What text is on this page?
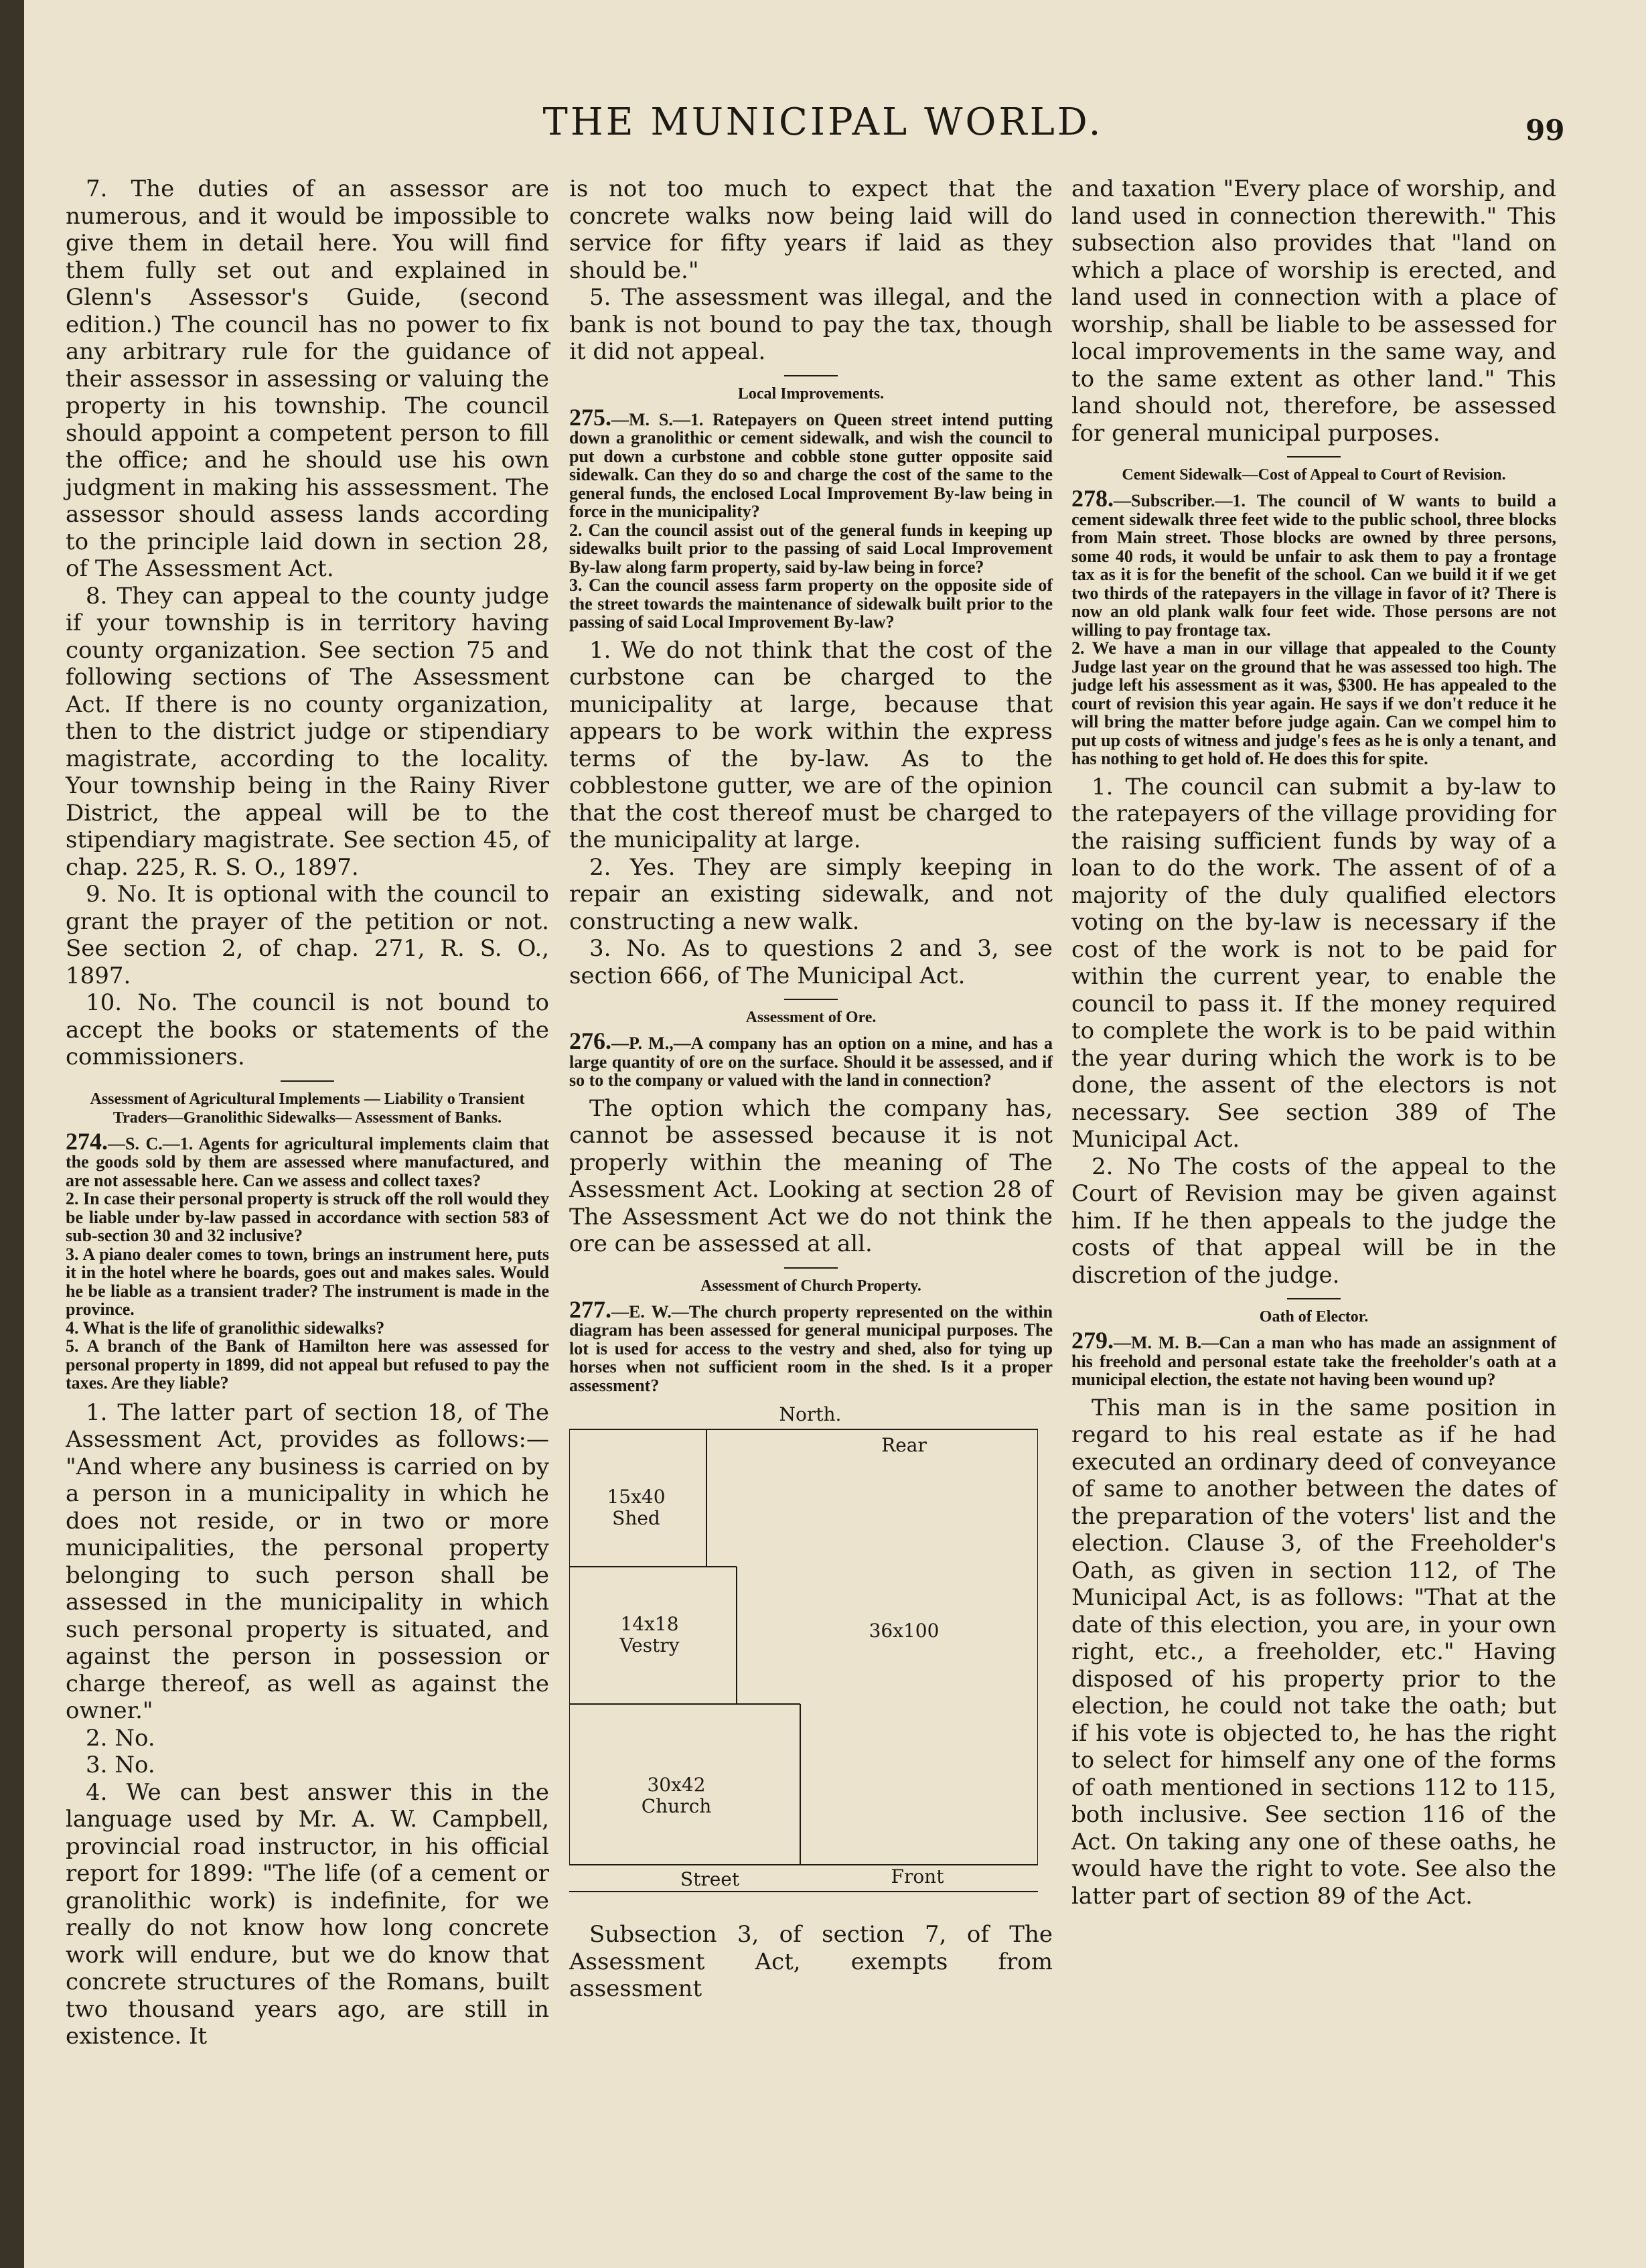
THE MUNICIPAL WORLD.	99

7. The duties of an assessor are numerous, and it would be impossible to give them in detail here. You will find them fully set out and explained in Glenn's Assessor's Guide, (second edition.) The council has no power to fix any arbitrary rule for the guidance of their assessor in assessing or valuing the property in his township. The council should appoint a competent person to fill the office; and he should use his own judgment in making his asssessment. The assessor should assess lands according to the principle laid down in section 28, of The Assessment Act.

8. They can appeal to the county judge if your township is in territory having county organization. See section 75 and following sections of The Assessment Act. If there is no county organization, then to the district judge or stipendiary magistrate, according to the locality. Your township being in the Rainy River District, the appeal will be to the stipendiary magistrate. See section 45, of chap. 225, R. S. O., 1897.

9. No. It is optional with the council to grant the prayer of the petition or not. See section 2, of chap. 271, R. S. O., 1897.

10. No. The council is not bound to accept the books or statements of the commissioners.

Assessment of Agricultural Implements — Liability o Transient Traders—Granolithic Sidewalks— Assessment of Banks.

274.—S. C.—1. Agents for agricultural implements claim that the goods sold by them are assessed where manufactured, and are not assessable here. Can we assess and collect taxes?

2. In case their personal property is struck off the roll would they be liable under by-law passed in accordance with section 583 of sub-section 30 and 32 inclusive?

3. A piano dealer comes to town, brings an instrument here, puts it in the hotel where he boards, goes out and makes sales. Would he be liable as a transient trader? The instrument is made in the province.

4. What is the life of granolithic sidewalks?

5. A branch of the Bank of Hamilton here was assessed for personal property in 1899, did not appeal but refused to pay the taxes. Are they liable?

1. The latter part of section 18, of The Assessment Act, provides as follows:— "And where any business is carried on by a person in a municipality in which he does not reside, or in two or more municipalities, the personal property belonging to such person shall be assessed in the municipality in which such personal property is situated, and against the person in possession or charge thereof, as well as against the owner."

2. No.

3. No.

4. We can best answer this in the language used by Mr. A. W. Campbell, provincial road instructor, in his official report for 1899: "The life (of a cement or granolithic work) is indefinite, for we really do not know how long concrete work will endure, but we do know that concrete structures of the Romans, built two thousand years ago, are still in existence. It

is not too much to expect that the concrete walks now being laid will do service for fifty years if laid as they should be."

5. The assessment was illegal, and the bank is not bound to pay the tax, though it did not appeal.

Local Improvements.

275.—M. S.—1. Ratepayers on Queen street intend putting down a granolithic or cement sidewalk, and wish the council to put down a curbstone and cobble stone gutter opposite said sidewalk. Can they do so and charge the cost of the same to the general funds, the enclosed Local Improvement By-law being in force in the municipality?

2. Can the council assist out of the general funds in keeping up sidewalks built prior to the passing of said Local Improvement By-law along farm property, said by-law being in force?

3. Can the council assess farm property on the opposite side of the street towards the maintenance of sidewalk built prior to the passing of said Local Improvement By-law?

1. We do not think that the cost of the curbstone can be charged to the municipality at large, because that appears to be work within the express terms of the by-law. As to the cobblestone gutter, we are of the opinion that the cost thereof must be charged to the municipality at large.

2. Yes. They are simply keeping in repair an existing sidewalk, and not constructing a new walk.

3. No. As to questions 2 and 3, see section 666, of The Municipal Act.

Assessment of Ore.

276.—P. M.,—A company has an option on a mine, and has a large quantity of ore on the surface. Should it be assessed, and if so to the company or valued with the land in connection?

The option which the company has, cannot be assessed because it is not properly within the meaning of The Assessment Act. Looking at section 28 of The Assessment Act we do not think the ore can be assessed at all.

Assessment of Church Property.

277.—E. W.—The church property represented on the within diagram has been assessed for general municipal purposes. The lot is used for access to the vestry and shed, also for tying up horses when not sufficient room in the shed. Is it a proper assessment?

North.
Rear
15x40
Shed
14x18
Vestry
36x100
30x42
Church
Street	Front

Subsection 3, of section 7, of The Assessment Act, exempts from assessment

and taxation "Every place of worship, and land used in connection therewith." This subsection also provides that "land on which a place of worship is erected, and land used in connection with a place of worship, shall be liable to be assessed for local improvements in the same way, and to the same extent as other land." This land should not, therefore, be assessed for general municipal purposes.

Cement Sidewalk—Cost of Appeal to Court of Revision.

278.—Subscriber.—1. The council of W wants to build a cement sidewalk three feet wide to the public school, three blocks from Main street. Those blocks are owned by three persons, some 40 rods, it would be unfair to ask them to pay a frontage tax as it is for the benefit of the school. Can we build it if we get two thirds of the ratepayers in the village in favor of it? There is now an old plank walk four feet wide. Those persons are not willing to pay frontage tax.

2. We have a man in our village that appealed to the County Judge last year on the ground that he was assessed too high. The judge left his assessment as it was, $300. He has appealed to the court of revision this year again. He says if we don't reduce it he will bring the matter before judge again. Can we compel him to put up costs of witness and judge's fees as he is only a tenant, and has nothing to get hold of. He does this for spite.

1. The council can submit a by-law to the ratepayers of the village providing for the raising sufficient funds by way of a loan to do the work. The assent of of a majority of the duly qualified electors voting on the by-law is necessary if the cost of the work is not to be paid for within the current year, to enable the council to pass it. If the money required to complete the work is to be paid within the year during which the work is to be done, the assent of the electors is not necessary. See section 389 of The Municipal Act.

2. No The costs of the appeal to the Court of Revision may be given against him. If he then appeals to the judge the costs of that appeal will be in the discretion of the judge.

Oath of Elector.

279.—M. M. B.—Can a man who has made an assignment of his freehold and personal estate take the freeholder's oath at a municipal election, the estate not having been wound up?

This man is in the same position in regard to his real estate as if he had executed an ordinary deed of conveyance of same to another between the dates of the preparation of the voters' list and the election. Clause 3, of the Freeholder's Oath, as given in section 112, of The Municipal Act, is as follows: "That at the date of this election, you are, in your own right, etc., a freeholder, etc." Having disposed of his property prior to the election, he could not take the oath; but if his vote is objected to, he has the right to select for himself any one of the forms of oath mentioned in sections 112 to 115, both inclusive. See section 116 of the Act. On taking any one of these oaths, he would have the right to vote. See also the latter part of section 89 of the Act.
